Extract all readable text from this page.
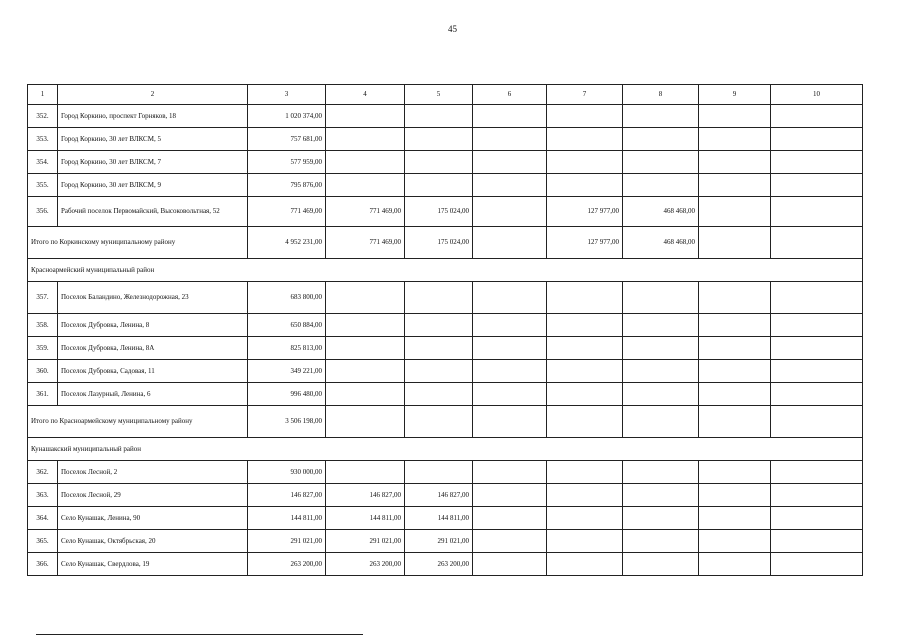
45
1	2	3	4	5	6	7	8	9	10
352.	Город Коркино, проспект Горняков, 18	1 020 374,00							
353.	Город Коркино, 30 лет ВЛКСМ, 5	757 681,00							
354.	Город Коркино, 30 лет ВЛКСМ, 7	577 959,00							
355.	Город Коркино, 30 лет ВЛКСМ, 9	795 876,00							
356.	Рабочий поселок Первомайский, Высоковольтная, 52	771 469,00	771 469,00	175 024,00		127 977,00	468 468,00		
Итого по Коркинскому муниципальному району		4 952 231,00	771 469,00	175 024,00		127 977,00	468 468,00		
Красноармейский муниципальный район									
357.	Поселок Баландино, Железнодорожная, 23	683 800,00							
358.	Поселок Дубровка, Ленина, 8	650 884,00							
359.	Поселок Дубровка, Ленина, 8А	825 813,00							
360.	Поселок Дубровка, Садовая, 11	349 221,00							
361.	Поселок Лазурный, Ленина, 6	996 480,00							
Итого по Красноармейскому муниципальному району		3 506 198,00							
Кунашакский муниципальный район									
362.	Поселок Лесной, 2	930 000,00							
363.	Поселок Лесной, 29	146 827,00	146 827,00	146 827,00					
364.	Село Кунашак, Ленина, 90	144 811,00	144 811,00	144 811,00					
365.	Село Кунашак, Октябрьская, 20	291 021,00	291 021,00	291 021,00					
366.	Село Кунашак, Свердлова, 19	263 200,00	263 200,00	263 200,00					
